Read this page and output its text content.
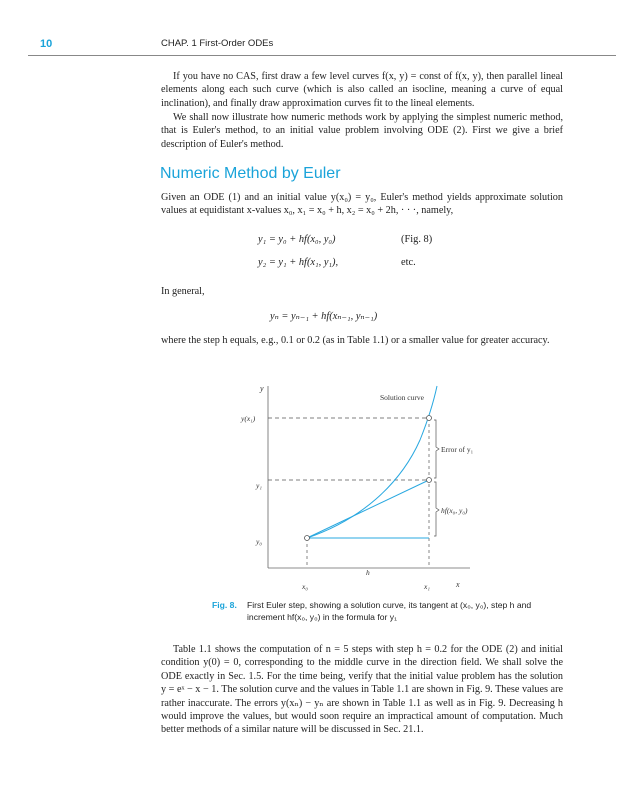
10	CHAP. 1 First-Order ODEs

If you have no CAS, first draw a few level curves f(x, y) = const of f(x, y), then parallel lineal elements along each such curve (which is also called an isocline, meaning a curve of equal inclination), and finally draw approximation curves fit to the lineal elements.

We shall now illustrate how numeric methods work by applying the simplest numeric method, that is Euler's method, to an initial value problem involving ODE (2). First we give a brief description of Euler's method.

Numeric Method by Euler

Given an ODE (1) and an initial value y(x₀) = y₀, Euler's method yields approximate solution values at equidistant x-values x₀, x₁ = x₀ + h, x₂ = x₀ + 2h, · · ·, namely,

y₁ = y₀ + hf(x₀, y₀)	(Fig. 8)
y₂ = y₁ + hf(x₁, y₁),	etc.

In general,

yₙ = yₙ₋₁ + hf(xₙ₋₁, yₙ₋₁)

where the step h equals, e.g., 0.1 or 0.2 (as in Table 1.1) or a smaller value for greater accuracy.

y
x
y(x₁)
y₁
y₀
x₀	x₁
h
Solution curve
Error of y₁
hf(x₀, y₀)
Fig. 8. First Euler step, showing a solution curve, its tangent at (x₀, y₀), step h and increment hf(x₀, y₀) in the formula for y₁

Table 1.1 shows the computation of n = 5 steps with step h = 0.2 for the ODE (2) and initial condition y(0) = 0, corresponding to the middle curve in the direction field. We shall solve the ODE exactly in Sec. 1.5. For the time being, verify that the initial value problem has the solution y = eˣ − x − 1. The solution curve and the values in Table 1.1 are shown in Fig. 9. These values are rather inaccurate. The errors y(xₙ) − yₙ are shown in Table 1.1 as well as in Fig. 9. Decreasing h would improve the values, but would soon require an impractical amount of computation. Much better methods of a similar nature will be discussed in Sec. 21.1.
